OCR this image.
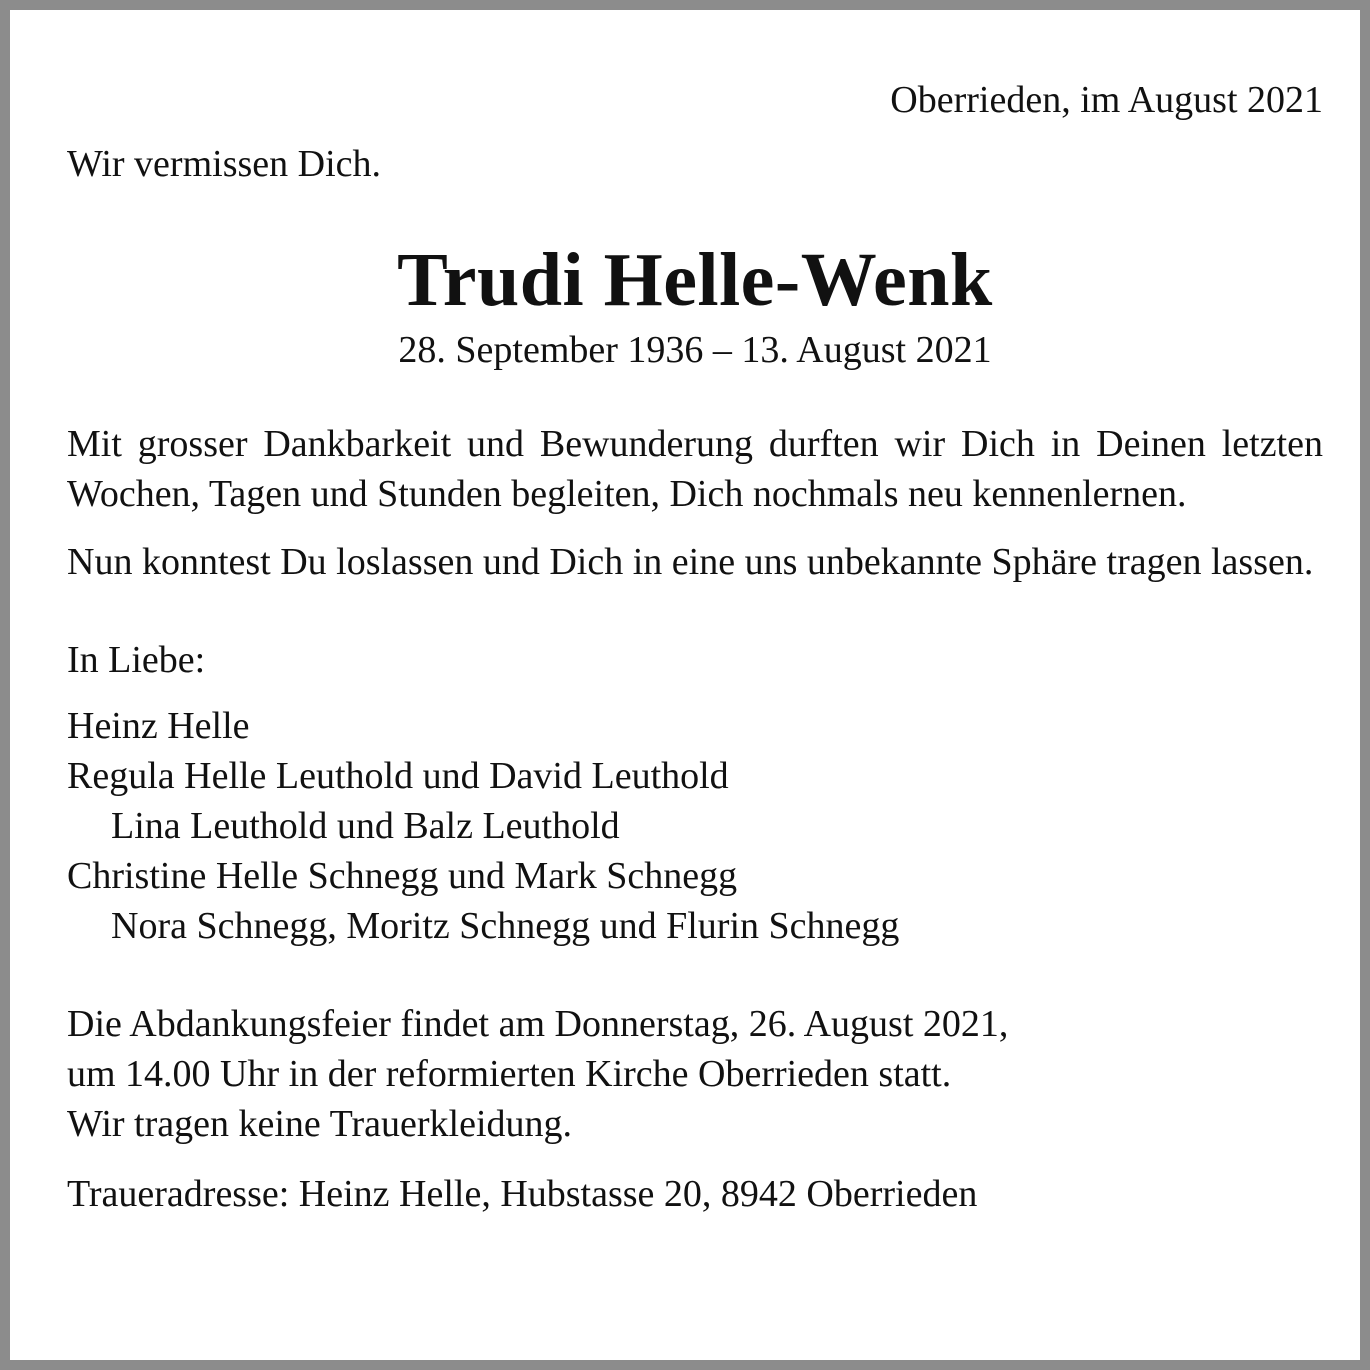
Oberrieden, im August 2021
Wir vermissen Dich.
Trudi Helle-Wenk
28. September 1936 – 13. August 2021

Mit grosser Dankbarkeit und Bewunderung durften wir Dich in Deinen letzten Wochen, Tagen und Stunden begleiten, Dich nochmals neu kennenlernen.

Nun konntest Du loslassen und Dich in eine uns unbekannte Sphäre tragen lassen.

In Liebe:
Heinz Helle
Regula Helle Leuthold und David Leuthold
Lina Leuthold und Balz Leuthold
Christine Helle Schnegg und Mark Schnegg
Nora Schnegg, Moritz Schnegg und Flurin Schnegg
Die Abdankungsfeier findet am Donnerstag, 26. August 2021,
um 14.00 Uhr in der reformierten Kirche Oberrieden statt.
Wir tragen keine Trauerkleidung.
Traueradresse: Heinz Helle, Hubstasse 20, 8942 Oberrieden
